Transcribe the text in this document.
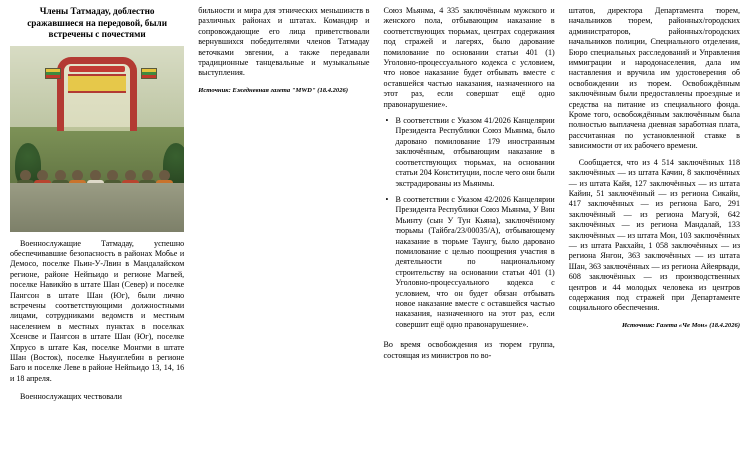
Члены Татмадау, доблестно сражавшиеся на передовой, были встречены с почестями

Военнослужащие Татмадау, успешно обеспечивавшие безопасность в районах Мобье и Демосо, поселке Пьин-У-Лвин в Мандалайском регионе, районе Нейпьидо и регионе Магвей, поселке Навикйю в штате Шан (Север) и поселке Пангсон в штате Шан (Юг), были лично встречены соответствующими должностными лицами, сотрудниками ведомств и местным населением в местных пунктах в поселках Хсенсве и Пангсон в штате Шан (Юг), поселке Хпрусо в штате Кая, поселке Монгми в штате Шан (Восток), поселке Ньяунглебин в регионе Баго и поселке Леве в районе Нейпьидо 13, 14, 16 и 18 апреля.

Военнослужащих чествовали

бильности и мира для этнических меньшинств в различных районах и штатах. Командир и сопровождающие его лица приветствовали вернувшихся победителями членов Татмадау веточками эвгении, а также передавали традиционные танцевальные и музыкальные выступления.

Источник: Ежедневная газета "MWD" (18.4.2026)

Союз Мьянма, 4 335 заключённым мужского и женского пола, отбывающим наказание в соответствующих тюрьмах, центрах содержания под стражей и лагерях, было дарование помилование по основании статьи 401 (1) Уголовно-процессуального кодекса с условием, что новое наказание будет отбывать вместе с оставшейся частью наказания, назначенного на этот раз, если совершат ещё одно правонарушение».

• В соответствии с Указом 41/2026 Канцелярии Президента Республики Союз Мьянма, было даровано помилование 179 иностранным заключённым, отбывающим наказание в соответствующих тюрьмах, на основании статьи 204 Конституции, после чего они были экстрадированы из Мьянмы.
• В соответствии с Указом 42/2026 Канцелярии Президента Республики Союз Мьянма, У Вин Мьинту (сын У Тун Кьяна), заключённому тюрьмы (Тайбга/23/00035/А), отбывающему наказание в тюрьме Таунгу, было даровано помилование с целью поощрения участия в деятельности по национальному строительству на основании статьи 401 (1) Уголовно-процессуального кодекса с условием, что он будет обязан отбывать новое наказание вместе с оставшейся частью наказания, назначенного на этот раз, если совершит ещё одно правонарушение».

Во время освобождения из тюрем группа, состоящая из министров по во-

штатов, директора Департамента тюрем, начальников тюрем, районных/городских администраторов, районных/городских начальников полиции, Специального отделения, Бюро специальных расследований и Управления иммиграции и народонаселения, дала им наставления и вручила им удостоверения об освобождении из тюрем. Освобождённым заключённым были предоставлены проездные и средства на питание из специального фонда. Кроме того, освобождённым заключённым была полностью выплачена дневная заработная плата, рассчитанная по установленной ставке в зависимости от их рабочего времени.

Сообщается, что из 4 514 заключённых 118 заключённых — из штата Качин, 8 заключённых — из штата Кайя, 127 заключённых — из штата Кайин, 51 заключённый — из региона Сикайн, 417 заключённых — из региона Баго, 291 заключённый — из региона Магуэй, 642 заключённых — из региона Мандалай, 133 заключённых — из штата Мон, 103 заключённых — из штата Ракхайн, 1 058 заключённых — из региона Янгон, 363 заключённых — из штата Шан, 363 заключённых — из региона Айеярвади, 608 заключённых — из производственных центров и 44 молодых человека из центров содержания под стражей при Департаменте социального обеспечения.

Источник: Газета «Че Мон» (18.4.2026)
